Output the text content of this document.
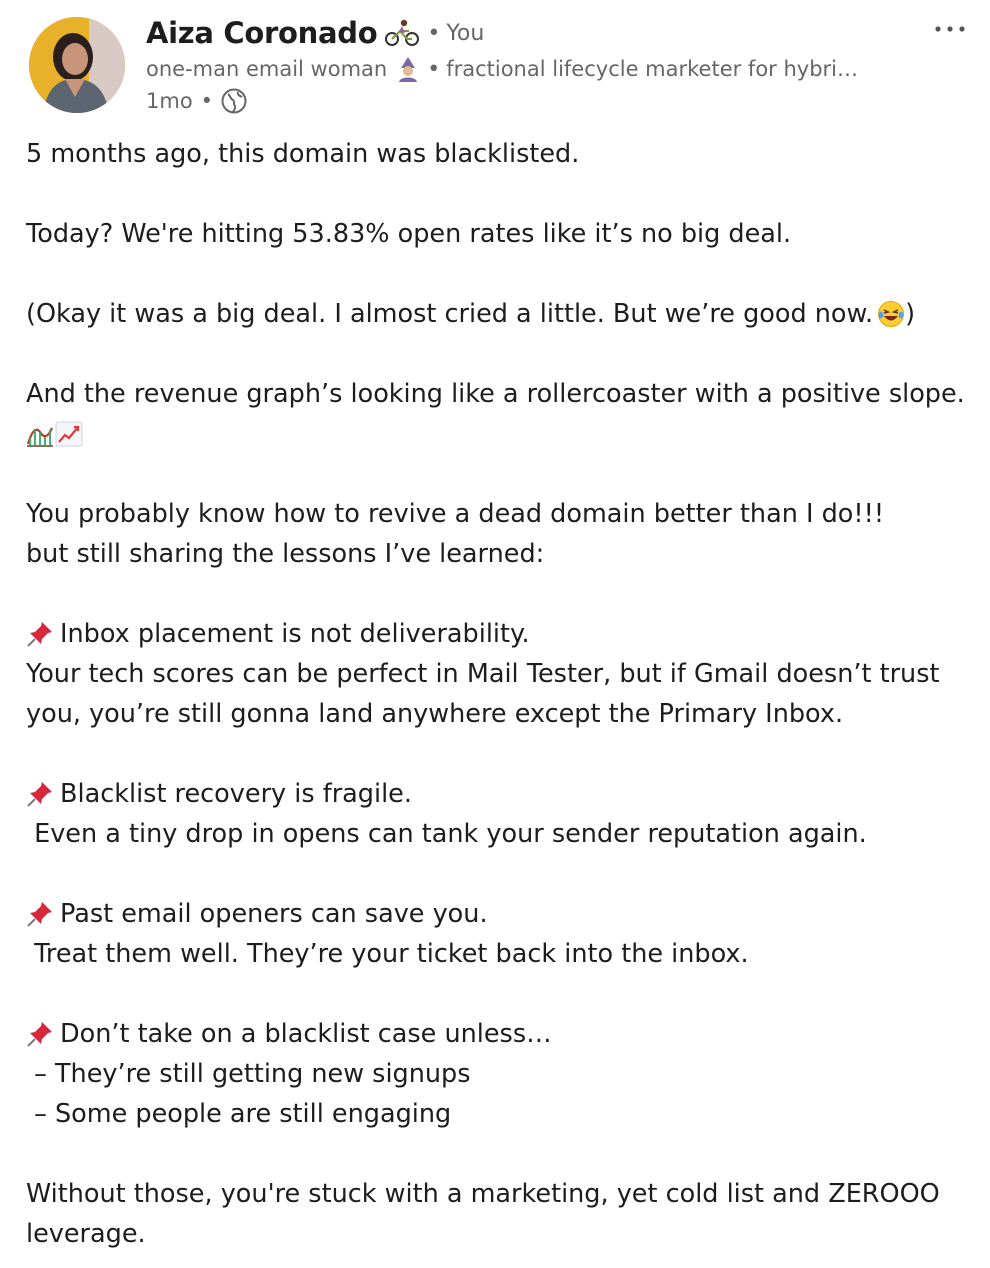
Aiza Coronado • You
one-man email woman • fractional lifecycle marketer for hybri…
1mo •
5 months ago, this domain was blacklisted.
Today? We're hitting 53.83% open rates like it’s no big deal.
(Okay it was a big deal. I almost cried a little. But we’re good now. )
And the revenue graph’s looking like a rollercoaster with a positive slope.
You probably know how to revive a dead domain better than I do!!!
but still sharing the lessons I’ve learned:
Inbox placement is not deliverability.
Your tech scores can be perfect in Mail Tester, but if Gmail doesn’t trust
you, you’re still gonna land anywhere except the Primary Inbox.
Blacklist recovery is fragile.
Even a tiny drop in opens can tank your sender reputation again.
Past email openers can save you.
Treat them well. They’re your ticket back into the inbox.
Don’t take on a blacklist case unless…
– They’re still getting new signups
– Some people are still engaging
Without those, you're stuck with a marketing, yet cold list and ZEROOO
leverage.
